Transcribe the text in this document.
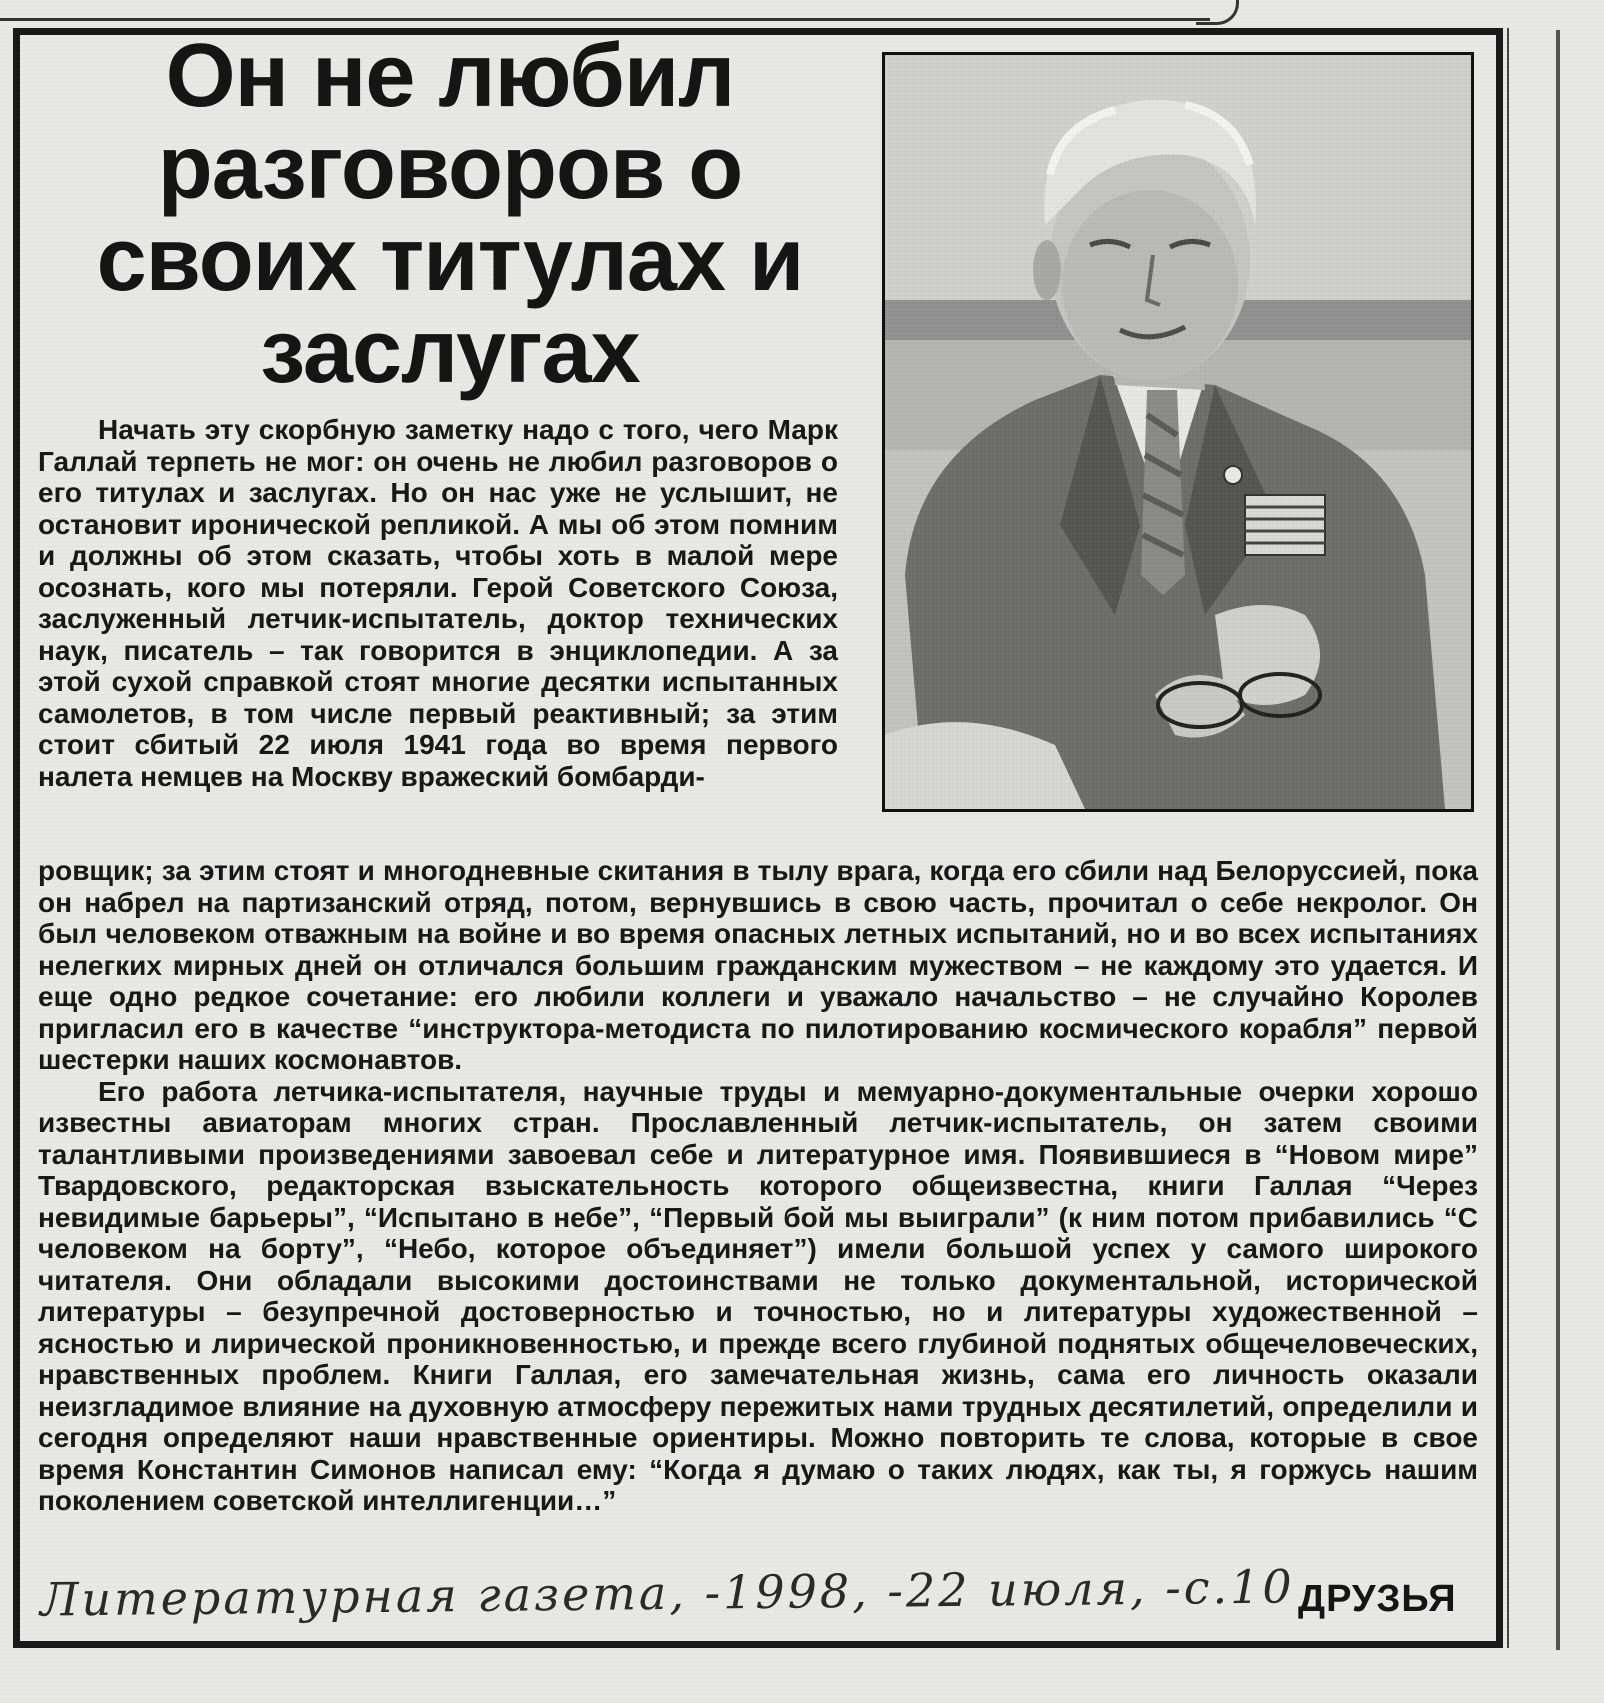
Он не любил разговоров о своих титулах и заслугах

Начать эту скорбную заметку надо с того, чего Марк Галлай терпеть не мог: он очень не любил разговоров о его титулах и заслугах. Но он нас уже не услышит, не остановит иронической репликой. А мы об этом помним и должны об этом сказать, чтобы хоть в малой мере осознать, кого мы потеряли. Герой Советского Союза, заслуженный летчик-испытатель, доктор технических наук, писатель – так говорится в энциклопедии. А за этой сухой справкой стоят многие десятки испытанных самолетов, в том числе первый реактивный; за этим стоит сбитый 22 июля 1941 года во время первого налета немцев на Москву вражеский бомбарди-

ровщик; за этим стоят и многодневные скитания в тылу врага, когда его сбили над Белоруссией, пока он набрел на партизанский отряд, потом, вернувшись в свою часть, прочитал о себе некролог. Он был человеком отважным на войне и во время опасных летных испытаний, но и во всех испытаниях нелегких мирных дней он отличался большим гражданским мужеством – не каждому это удается. И еще одно редкое сочетание: его любили коллеги и уважало начальство – не случайно Королев пригласил его в качестве “инструктора-методиста по пилотированию космического корабля” первой шестерки наших космонавтов.

Его работа летчика-испытателя, научные труды и мемуарно-документальные очерки хорошо известны авиаторам многих стран. Прославленный летчик-испытатель, он затем своими талантливыми произведениями завоевал себе и литературное имя. Появившиеся в “Новом мире” Твардовского, редакторская взыскательность которого общеизвестна, книги Галлая “Через невидимые барьеры”, “Испытано в небе”, “Первый бой мы выиграли” (к ним потом прибавились “С человеком на борту”, “Небо, которое объединяет”) имели большой успех у самого широкого читателя. Они обладали высокими достоинствами не только документальной, исторической литературы – безупречной достоверностью и точностью, но и литературы художественной – ясностью и лирической проникновенностью, и прежде всего глубиной поднятых общечеловеческих, нравственных проблем. Книги Галлая, его замечательная жизнь, сама его личность оказали неизгладимое влияние на духовную атмосферу пережитых нами трудных десятилетий, определили и сегодня определяют наши нравственные ориентиры. Можно повторить те слова, которые в свое время Константин Симонов написал ему: “Когда я думаю о таких людях, как ты, я горжусь нашим поколением советской интеллигенции…”

Литературная газета, -1998, -22 июля, -с.10 ДРУЗЬЯ
